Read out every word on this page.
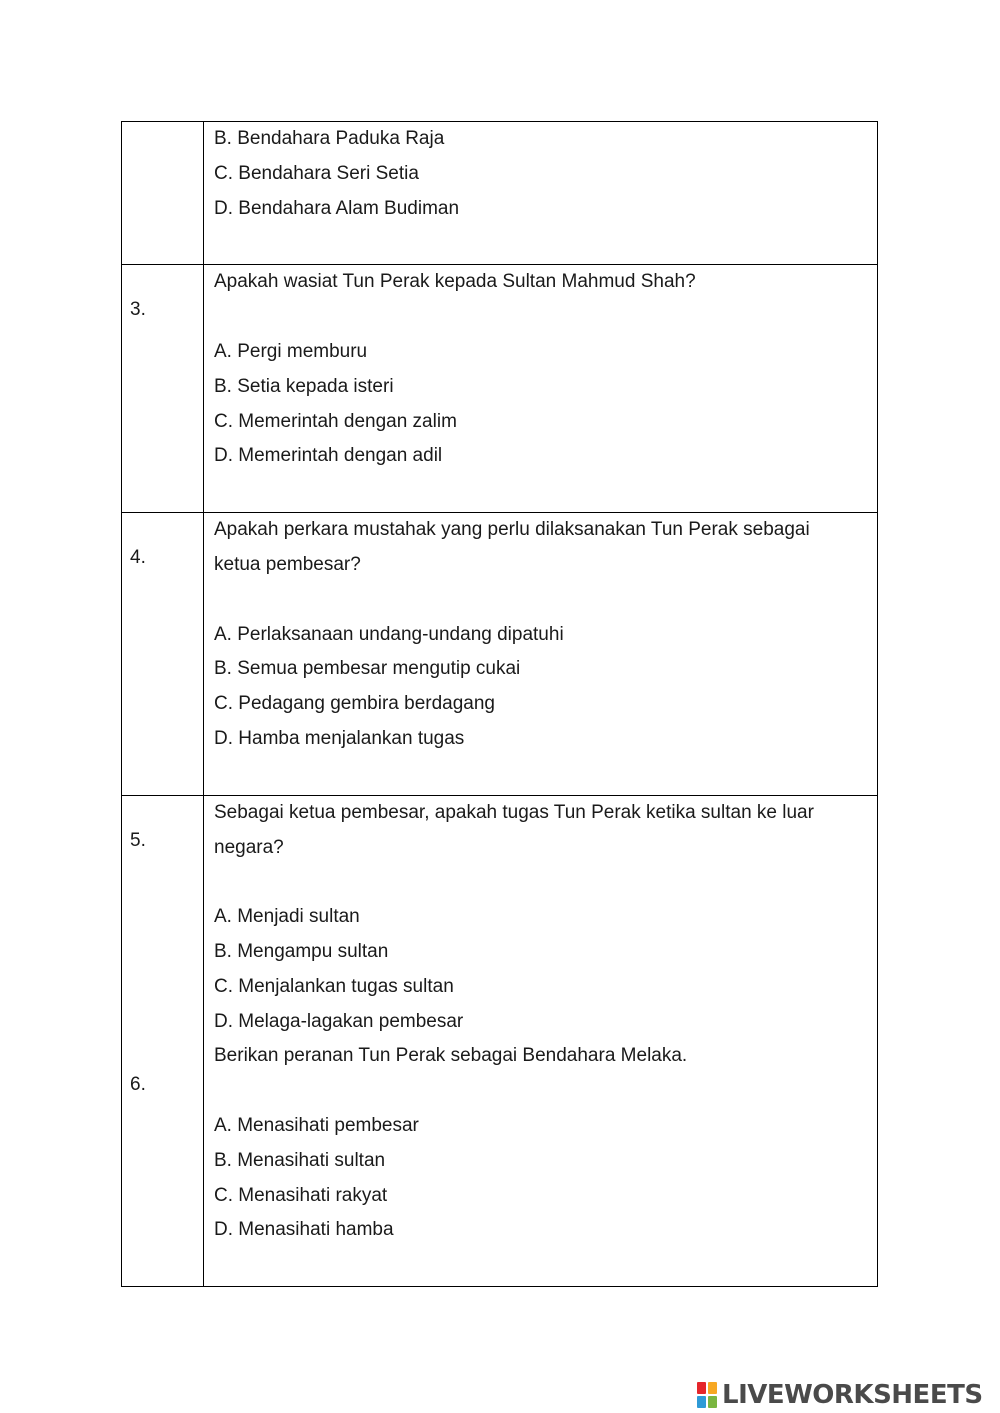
B. Bendahara Paduka Raja
C. Bendahara Seri Setia
D. Bendahara Alam Budiman
3.
Apakah wasiat Tun Perak kepada Sultan Mahmud Shah?
A. Pergi memburu
B. Setia kepada isteri
C. Memerintah dengan zalim
D. Memerintah dengan adil
4.
Apakah perkara mustahak yang perlu dilaksanakan Tun Perak sebagai
ketua pembesar?
A. Perlaksanaan undang-undang dipatuhi
B. Semua pembesar mengutip cukai
C. Pedagang gembira berdagang
D. Hamba menjalankan tugas
5.
6.
Sebagai ketua pembesar, apakah tugas Tun Perak ketika sultan ke luar
negara?
A. Menjadi sultan
B. Mengampu sultan
C. Menjalankan tugas sultan
D. Melaga-lagakan pembesar
Berikan peranan Tun Perak sebagai Bendahara Melaka.
A. Menasihati pembesar
B. Menasihati sultan
C. Menasihati rakyat
D. Menasihati hamba
LIVEWORKSHEETS
